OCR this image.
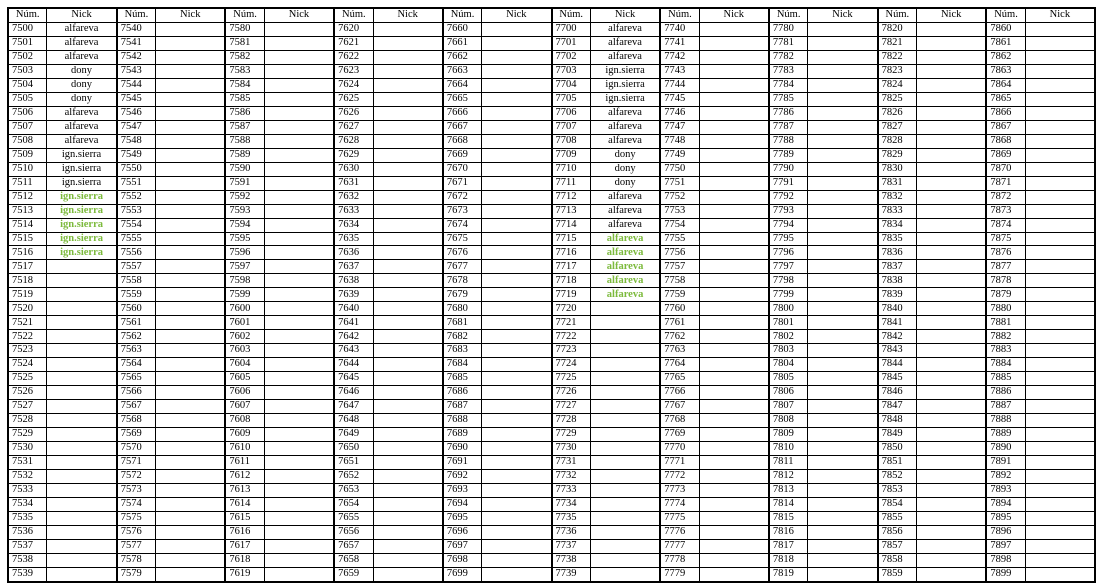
Núm.	Nick
7500	alfareva
7501	alfareva
7502	alfareva
7503	dony
7504	dony
7505	dony
7506	alfareva
7507	alfareva
7508	alfareva
7509	ign.sierra
7510	ign.sierra
7511	ign.sierra
7512	ign.sierra
7513	ign.sierra
7514	ign.sierra
7515	ign.sierra
7516	ign.sierra
7517
7518
7519
7520
7521
7522
7523
7524
7525
7526
7527
7528
7529
7530
7531
7532
7533
7534
7535
7536
7537
7538
7539
Núm.	Nick
7540
7541
7542
7543
7544
7545
7546
7547
7548
7549
7550
7551
7552
7553
7554
7555
7556
7557
7558
7559
7560
7561
7562
7563
7564
7565
7566
7567
7568
7569
7570
7571
7572
7573
7574
7575
7576
7577
7578
7579
Núm.	Nick
7580
7581
7582
7583
7584
7585
7586
7587
7588
7589
7590
7591
7592
7593
7594
7595
7596
7597
7598
7599
7600
7601
7602
7603
7604
7605
7606
7607
7608
7609
7610
7611
7612
7613
7614
7615
7616
7617
7618
7619
Núm.	Nick
7620
7621
7622
7623
7624
7625
7626
7627
7628
7629
7630
7631
7632
7633
7634
7635
7636
7637
7638
7639
7640
7641
7642
7643
7644
7645
7646
7647
7648
7649
7650
7651
7652
7653
7654
7655
7656
7657
7658
7659
Núm.	Nick
7660
7661
7662
7663
7664
7665
7666
7667
7668
7669
7670
7671
7672
7673
7674
7675
7676
7677
7678
7679
7680
7681
7682
7683
7684
7685
7686
7687
7688
7689
7690
7691
7692
7693
7694
7695
7696
7697
7698
7699
Núm.	Nick
7700	alfareva
7701	alfareva
7702	alfareva
7703	ign.sierra
7704	ign.sierra
7705	ign.sierra
7706	alfareva
7707	alfareva
7708	alfareva
7709	dony
7710	dony
7711	dony
7712	alfareva
7713	alfareva
7714	alfareva
7715	alfareva
7716	alfareva
7717	alfareva
7718	alfareva
7719	alfareva
7720
7721
7722
7723
7724
7725
7726
7727
7728
7729
7730
7731
7732
7733
7734
7735
7736
7737
7738
7739
Núm.	Nick
7740
7741
7742
7743
7744
7745
7746
7747
7748
7749
7750
7751
7752
7753
7754
7755
7756
7757
7758
7759
7760
7761
7762
7763
7764
7765
7766
7767
7768
7769
7770
7771
7772
7773
7774
7775
7776
7777
7778
7779
Núm.	Nick
7780
7781
7782
7783
7784
7785
7786
7787
7788
7789
7790
7791
7792
7793
7794
7795
7796
7797
7798
7799
7800
7801
7802
7803
7804
7805
7806
7807
7808
7809
7810
7811
7812
7813
7814
7815
7816
7817
7818
7819
Núm.	Nick
7820
7821
7822
7823
7824
7825
7826
7827
7828
7829
7830
7831
7832
7833
7834
7835
7836
7837
7838
7839
7840
7841
7842
7843
7844
7845
7846
7847
7848
7849
7850
7851
7852
7853
7854
7855
7856
7857
7858
7859
Núm.	Nick
7860
7861
7862
7863
7864
7865
7866
7867
7868
7869
7870
7871
7872
7873
7874
7875
7876
7877
7878
7879
7880
7881
7882
7883
7884
7885
7886
7887
7888
7889
7890
7891
7892
7893
7894
7895
7896
7897
7898
7899
